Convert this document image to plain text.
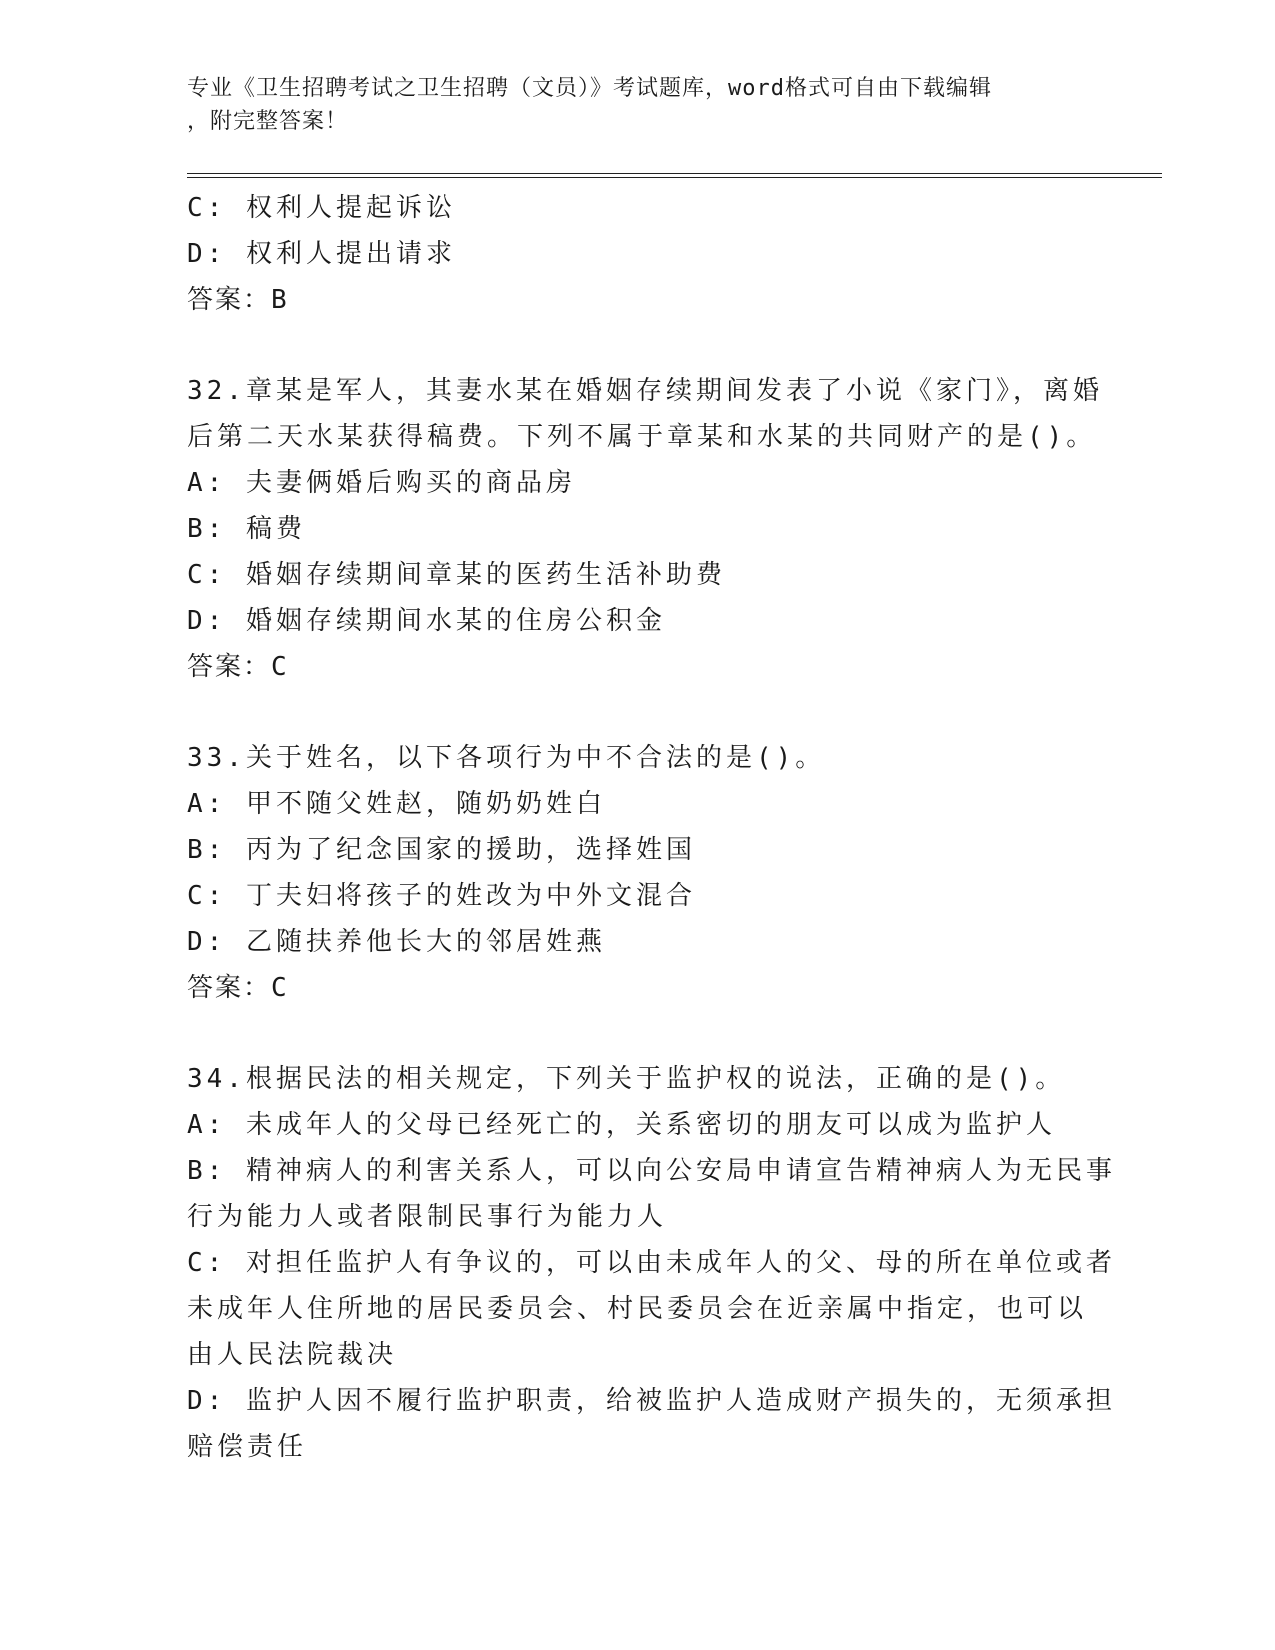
专业《卫生招聘考试之卫生招聘（文员）》考试题库，word格式可自由下载编辑
，附完整答案！
C: 权利人提起诉讼
D: 权利人提出请求
答案：B
32.章某是军人，其妻水某在婚姻存续期间发表了小说《家门》，离婚
后第二天水某获得稿费。下列不属于章某和水某的共同财产的是()。
A: 夫妻俩婚后购买的商品房
B: 稿费
C: 婚姻存续期间章某的医药生活补助费
D: 婚姻存续期间水某的住房公积金
答案：C
33.关于姓名，以下各项行为中不合法的是()。
A: 甲不随父姓赵，随奶奶姓白
B: 丙为了纪念国家的援助，选择姓国
C: 丁夫妇将孩子的姓改为中外文混合
D: 乙随扶养他长大的邻居姓燕
答案：C
34.根据民法的相关规定，下列关于监护权的说法，正确的是()。
A: 未成年人的父母已经死亡的，关系密切的朋友可以成为监护人
B: 精神病人的利害关系人，可以向公安局申请宣告精神病人为无民事
行为能力人或者限制民事行为能力人
C: 对担任监护人有争议的，可以由未成年人的父、母的所在单位或者
未成年人住所地的居民委员会、村民委员会在近亲属中指定，也可以
由人民法院裁决
D: 监护人因不履行监护职责，给被监护人造成财产损失的，无须承担
赔偿责任
